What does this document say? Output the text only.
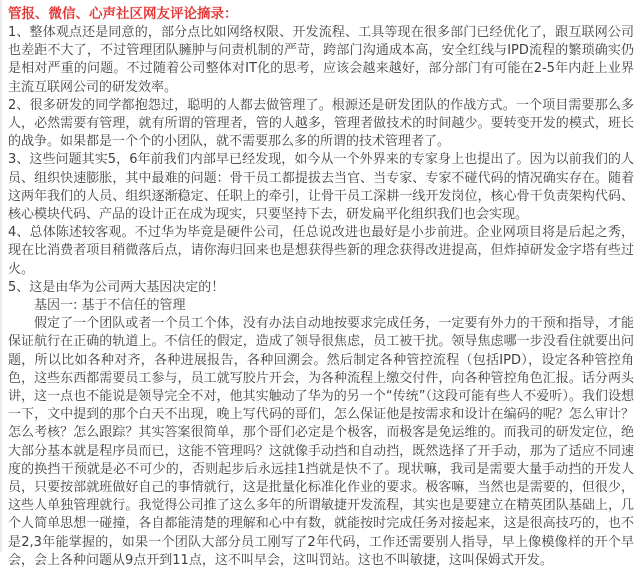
管报、微信、心声社区网友评论摘录：

1、整体观点还是同意的，部分点比如网络权限、开发流程、工具等现在很多部门已经优化了，跟互联网公司也差距不大了，不过管理团队臃肿与问责机制的严苛，跨部门沟通成本高，安全红线与IPD流程的繁琐确实仍是相对严重的问题。不过随着公司整体对IT化的思考，应该会越来越好，部分部门有可能在2-5年内赶上业界主流互联网公司的研发效率。

2、很多研发的同学都抱怨过，聪明的人都去做管理了。根源还是研发团队的作战方式。一个项目需要那么多人，必然需要有管理，就有所谓的管理者，管的人越多，管理者做技术的时间越少。要转变开发的模式，班长的战争。如果都是一个个的小团队，就不需要那么多的所谓的技术管理者了。

3、这些问题其实5，6年前我们内部早已经发现，如今从一个外界来的专家身上也提出了。因为以前我们的人员、组织快速膨胀，其中最难的问题：骨干员工都提拔去当官、当专家、专家不碰代码的情况确实存在。随着这两年我们的人员、组织逐渐稳定、任职上的牵引，让骨干员工深耕一线开发岗位，核心骨干负责架构代码、核心模块代码、产品的设计正在成为现实，只要坚持下去，研发扁平化组织我们也会实现。

4、总体陈述较客观。不过华为毕竟是硬件公司，任总说改进也最好是小步前进。企业网项目将是后起之秀，现在比消费者项目稍微落后点，请你海归回来也是想获得些新的理念获得改进提高，但炸掉研发金字塔有些过火。

5、这是由华为公司两大基因决定的！

基因一: 基于不信任的管理

假定了一个团队或者一个员工个体，没有办法自动地按要求完成任务，一定要有外力的干预和指导，才能保证航行在正确的轨道上。不信任的假定，造成了领导很焦虑，员工被干扰。领导焦虑哪一步没看住就要出问题，所以比如各种对齐，各种进展报告，各种回溯会。然后制定各种管控流程（包括IPD），设定各种管控角色，这些东西都需要员工参与，员工就写胶片开会，为各种流程上缴交付件，向各种管控角色汇报。话分两头讲，这一点也不能说是领导完全不对，他其实触动了华为的另一个“传统”（这段可能有些人不爱听）。我们设想一下，文中提到的那个白天不出现，晚上写代码的哥们，怎么保证他是按需求和设计在编码的呢？怎么审计？怎么考核？怎么跟踪？其实答案很简单，那个哥们必定是个极客，而极客是免运维的。而我司的研发定位，绝大部分基本就是程序员而已，这能不管理吗？这就像手动挡和自动挡，既然选择了开手动，那为了适应不同速度的换挡干预就是必不可少的，否则起步后永远挂1挡就是快不了。现状嘛，我司是需要大量手动挡的开发人员，只要按部就班做好自己的事情就行，这是批量化标准化作业的要求。极客嘛，当然也是需要的，但很少，这些人单独管理就行。我觉得公司推了这么多年的所谓敏捷开发流程，其实也是要建立在精英团队基础上，几个人简单思想一碰撞，各自都能清楚的理解和心中有数，就能按时完成任务对接起来，这是很高技巧的，也不是2,3年能掌握的，如果一个团队大部分员工刚写了2年代码，工作还需要别人指导，早上像模像样的开个早会，会上各种问题从9点开到11点，这不叫早会，这叫罚站。这也不叫敏捷，这叫保姆式开发。
